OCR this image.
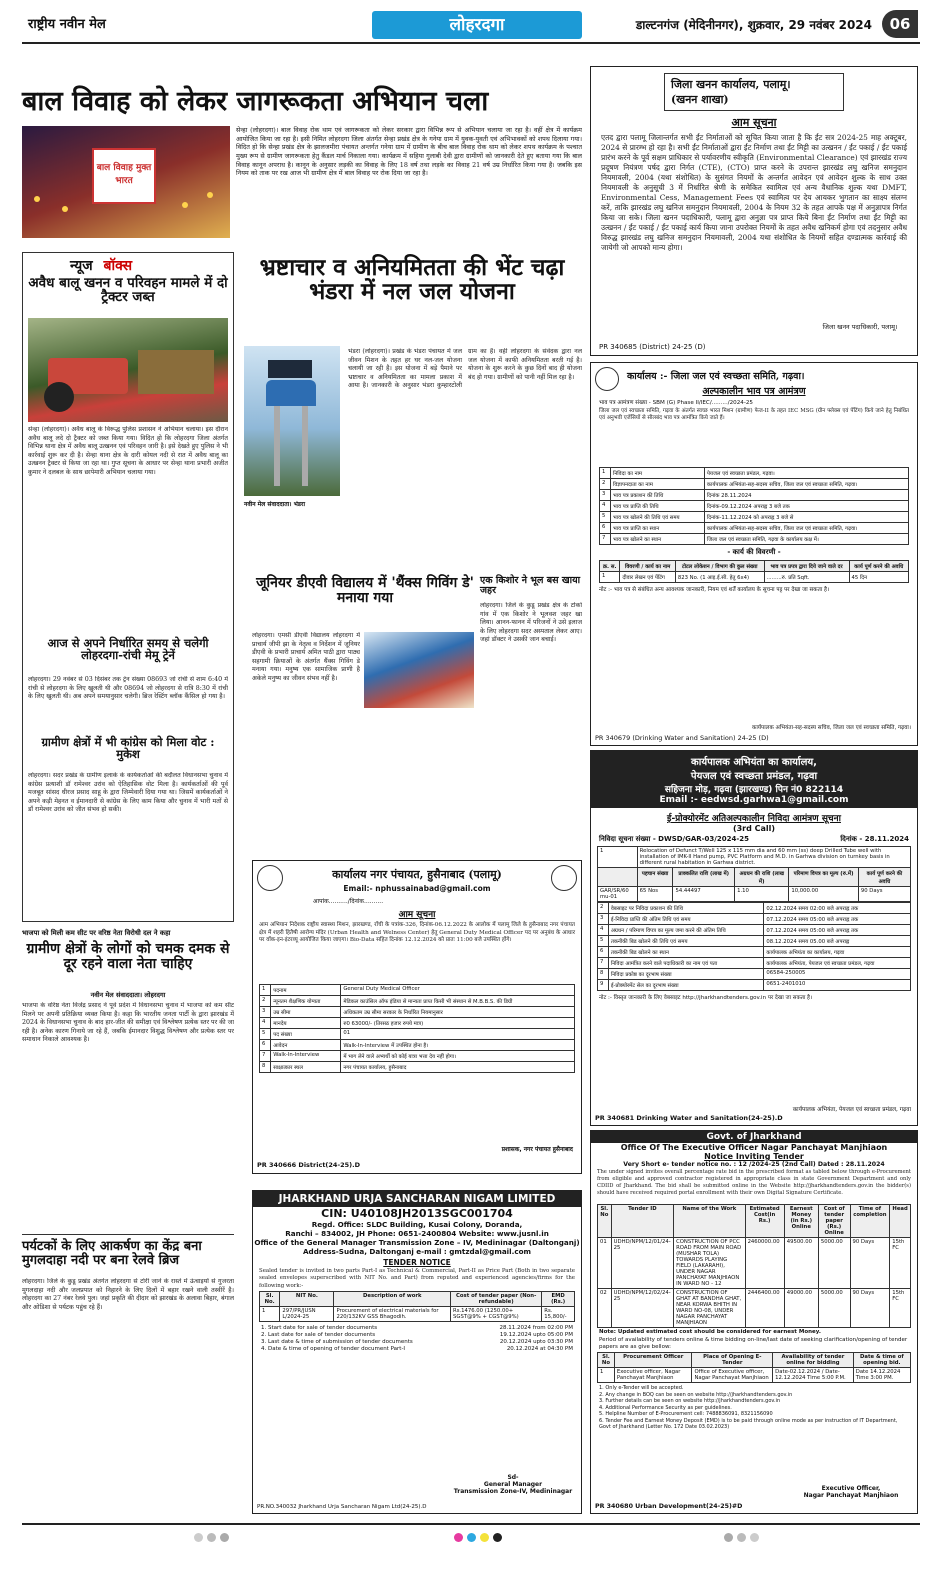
राष्ट्रीय नवीन मेल	लोहरदगा	डाल्टनगंज (मेदिनीनगर), शुक्रवार, 29 नवंबर 2024	06
बाल विवाह को लेकर जागरूकता अभियान चला
बाल विवाह मुक्त भारत
सेन्हा (लोहरदगा)। बाल विवाह रोक थाम एवं जागरूकता को लेकर सरकार द्वारा विभिन्न रूप से अभियान चलाया जा रहा है। वहीं क्षेत्र में कार्यक्रम आयोजित किया जा रहा है। इसी निमित लोहरदगा जिला अंतर्गत सेन्हा प्रखंड क्षेत्र के गनेया ग्राम में युवक-युवती एवं अभिभावकों को शपथ दिलाया गया। विदित हो कि सेन्हा प्रखंड क्षेत्र के झालजमीरा पंचायत अन्तर्गत गनेया ग्राम में ग्रामीण के बीच बाल विवाह रोक थाम को लेकर शपथ कार्यक्रम के पश्चात मुख्य रूप से ग्रामीण जागरूकता हेतु कैंडल मार्च निकाला गया। कार्यक्रम में सहिया गुलाबी देवी द्वारा ग्रामीणों को जानकारी देते हुए बताया गया कि बाल विवाह कानून अपराध है। कानून के अनुसार लड़की का विवाह के लिए 18 वर्ष तथा लड़के का विवाह 21 वर्ष उम्र निर्धारित किया गया है। जबकि इस नियम को ताक पर रख आज भी ग्रामीण क्षेत्र में बाल विवाह पर रोक दिया जा रहा है।
न्यूज बॉक्स
अवैध बालू खनन व परिवहन मामले में दो ट्रैक्टर जब्त
सेन्हा (लोहरदगा)। अवैध बालू के विरूद्ध पुलिस प्रशासन ने अभियान चलाया। इस दौरान अवैध बालू लदे दो ट्रैक्टर को जब्त किया गया। विदित हो कि लोहरदगा जिला अंतर्गत विभिन्न थाना क्षेत्र में अवैध बालू उत्खनन एवं परिवहन जारी है। इसे देखते हुए पुलिस ने भी कार्रवाई शुरू कर दी है। सेन्हा थाना क्षेत्र के दारी कोयल नदी से रात में अवैध बालू का उत्खनन ट्रैक्टर से किया जा रहा था। गुप्त सूचना के आधार पर सेन्हा थाना प्रभारी अजीत कुमार ने दलबल के साथ छापेमारी अभियान चलाया गया।
आज से अपने निर्धारित समय से चलेगी लोहरदगा-रांची मेमू ट्रेनें
लोहरदगा। 29 नवंबर से 03 दिसंबर तक ट्रेन संख्या 08693 जो रांची से शाम 6:40 में रांची से लोहरदगा के लिए खुलती थी और 08694 जो लोहरदगा से रात्रि 8:30 में रांची के लिए खुलती थी। अब अपने समयानुसार चलेगी। ब्रिज रेस्टिंग ब्लॉक कैंसिल हो गया है।
ग्रामीण क्षेत्रों में भी कांग्रेस को मिला वोट : मुकेश
लोहरदगा। सदर प्रखंड के ग्रामीण इलाके के कार्यकर्ताओं की बदौलत विधानसभा चुनाव में कांग्रेस प्रत्याशी डॉ रामेश्वर उरांव को ऐतिहासिक वोट मिला है। कार्यकर्ताओं की पूर्व मजबूत सांसद धीरज प्रसाद साहू के द्वारा जिम्मेवारी दिया गया था। जिसमें कार्यकर्ताओं ने अपने कड़ी मेहनत व ईमानदारी से कांग्रेस के लिए काम किया और चुनाव में भारी मतों से डॉ रामेश्वर उरांव को जीत संभव हो सकी।
भाजपा को मिली कम सीट पर वरिष्ठ नेता विरोधी दल ने कहा
ग्रामीण क्षेत्रों के लोगों को चमक दमक से दूर रहने वाला नेता चाहिए
नवीन मेल संवाददाता। लोहरदगा
भाजपा के वरिष्ठ नेता विजेंद्र प्रसाद ने पूर्व प्रदेश में विधानसभा चुनाव में भाजपा को कम सीट मिलने पर अपनी प्रतिक्रिया व्यक्त किया है। कहा कि भारतीय जनता पार्टी के द्वारा झारखंड में 2024 के विधानसभा चुनाव के बाद हार-जीत की समीक्षा एवं विश्लेषण प्रत्येक स्तर पर की जा रही है। अनेक कारण गिनाये जा रहे हैं, जबकि ईमानदार विशुद्ध विश्लेषण और प्रत्येक स्तर पर समाधान निकाले आवश्यक है।
पर्यटकों के लिए आकर्षण का केंद्र बना मुगलदाहा नदी पर बना रेलवे ब्रिज
लोहरदगा। जिले के कुडू प्रखंड अंतर्गत लोहरदगा से टोरी जाने के रास्ते में ऊंचाइयों से गुजरता मुगलदाहा नदी और जलप्रपात को निहारने के लिए दिलों में बहार रखने वाली तस्वीरें है। लोहरदगा का 27 नंबर रेलवे पुल। जहां प्रकृति की दीदार को झारखंड के अलावा बिहार, बंगाल और ओडिशा से पर्यटक पहुंच रहे हैं।
भ्रष्टाचार व अनियमितता की भेंट चढ़ा भंडरा में नल जल योजना
नवीन मेल संवाददाता। भंडरा
भंडरा (लोहरदगा)। प्रखंड के भंडरा पंचायत में जल जीवन मिशन के तहत हर घर नल-जल योजना चलायी जा रही है। इस योजना में बड़े पैमाने पर भ्रष्टाचार व अनियमितता का मामला प्रकाश में आया है। जानकारी के अनुसार भंडरा कुम्हारटोली ग्राम का है। वहीं लोहरदगा के संवेदक द्वारा नल जल योजना में काफी अनियमितता बरती गई है। योजना के शुरू करने के कुछ दिनों बाद ही योजना बंद हो गया। ग्रामीणों को पानी नहीं मिल रहा है।
जूनियर डीएवी विद्यालय में 'थैंक्स गिविंग डे' मनाया गया
लोहरदगा। एमसी डीएवी विद्यालय लोहरदगा में प्राचार्य जीपी झा के नेतृत्व व निर्देशन में जूनियर डीएवी के प्रभारी प्राचार्य अमित पाठी द्वारा पाठ्य सहगामी क्रियाओं के अंतर्गत थैंक्स गिविंग डे मनाया गया। मनुष्य एक सामाजिक प्राणी है अकेले मनुष्य का जीवन संभव नहीं है।
एक किशोर ने भूल बस खाया जहर
लोहरदगा। जिले के कुडू प्रखंड क्षेत्र के टोको गांव में एक किशोर ने भूलवश जहर खा लिया। आनन-फानन में परिजनों ने उसे इलाज के लिए लोहरदगा सदर अस्पताल लेकर आए। जहां डॉक्टर ने उसकी जान बचाई।
कार्यालय नगर पंचायत, हुसैनाबाद (पलामू)
Email:- nphussainabad@gmail.com
आपांक........../दिनांक..........
आम सूचना
आम अभियान निदेशक राष्ट्रीय स्वास्थ्य मिशन, झारखण्ड, राँची के पत्रांक-326, दिनांक-06.12.2022 के आलोक में पलामू जिले के हुसैनाबाद नगर पंचायत क्षेत्र में शहरी हितैषी आरोग्य मंदिर (Urban Health and Welness Center) हेतु General Duty Medical Officer पद पर अनुबंध के आधार पर वॉक-इन-इंटरव्यू आयोजित किया जाएगा। Bio-Data सहित दिनांक 12.12.2024 को प्रातः 11:00 बजे उपस्थित होंगे।
1	पदनाम	General Duty Medical Officer
2	न्यूनतम शैक्षणिक योग्यता	मेडिकल काउंसिल ऑफ इंडिया से मान्यता प्राप्त किसी भी संस्थान से M.B.B.S. की डिग्री
3	उम्र सीमा	अधिकतम उम्र सीमा सरकार के निर्धारित नियमानुसार
4	मानदेय	रु0 63000/- (तिरसठ हजार रुपये मात्र)
5	पद संख्या	01
6	आवेदन	Walk-In-Interview में उपस्थित होना है।
7	Walk-In-Interview	में भाग लेने वाले अभ्यर्थी को कोई यात्रा भत्ता देय नहीं होगा।
8	साक्षात्कार स्थल	नगर पंचायत कार्यालय, हुसैनाबाद
प्रशासक, नगर पंचायत हुसैनाबाद
PR 340666 District(24-25).D
JHARKHAND URJA SANCHARAN NIGAM LIMITED
CIN: U40108JH2013SGC001704
Regd. Office: SLDC Building, Kusai Colony, Doranda,
Ranchi – 834002, JH Phone: 0651-2400804 Website: www.jusnl.in
Office of the General Manager Transmission Zone – IV, Medininagar (Daltonganj)
Address-Sudna, Daltonganj e-mail : gmtzdal@gmail.com
TENDER NOTICE
Sealed tender is invited in two parts Part-I as Technical & Commercial, Part-II as Price Part (Both in two separate sealed envelopes superscribed with NIT No. and Part) from reputed and experienced agencies/firms for the following work:-
Sl. No.	NIT No.	Description of work	Cost of tender paper (Non-refundable)	EMD (Rs.)
1	297/PR/JUSN L/2024-25	Procurement of electrical materials for 220/132KV GSS Bhagodih.	Rs.1476.00 (1250.00+ SGST@9% + CGST@9%)	Rs. 15,800/-
1. Start date for sale of tender documents	28.11.2024 from 02:00 PM
2. Last date for sale of tender documents	19.12.2024 upto 05:00 PM
3. Last date & time of submission of tender documents	20.12.2024 upto 03:30 PM
4. Date & time of opening of tender document Part-I	20.12.2024 at 04:30 PM
Sd-
General Manager
Transmission Zone-IV, Medininagar
PR.NO.340032 Jharkhand Urja Sancharan Nigam Ltd(24-25).D
जिला खनन कार्यालय, पलामू।
(खनन शाखा)
आम सूचना
एतद द्वारा पलामू जिलान्तर्गत सभी ईंट निर्माताओं को सूचित किया जाता है कि ईंट सत्र 2024-25 माह अक्टूबर, 2024 से प्रारम्भ हो रहा है। सभी ईंट निर्माताओं द्वारा ईंट निर्माण तथा ईंट मिट्टी का उत्खनन / ईंट पकाई / ईंट पकाई प्रारंभ करने के पूर्व सक्षम प्राधिकार से पर्यावरणीय स्वीकृति (Environmental Clearance) एवं झारखंड राज्य प्रदूषण नियंत्रण पर्षद द्वारा निर्गत (CTE), (CTO) प्राप्त करने के उपरान्त झारखंड लघु खनिज समनुदान नियमावली, 2004 (यथा संशोधित) के सुसंगत नियमों के अन्तर्गत आवेदन एवं आवेदन शुल्क के साथ उक्त नियमावली के अनुसूची 3 में निर्धारित श्रेणी के समेकित स्वामित्व एवं अन्य वैधानिक शुल्क यथा DMFT, Environmental Cess, Management Fees एवं स्वामित्व पर देय आयकर भुगतान का साक्ष्य संलग्न करें, ताकि झारखंड लघु खनिज समनुदान नियमावली, 2004 के नियम 32 के तहत आपके पक्ष में अनुज्ञापत्र निर्गत किया जा सके। जिला खनन पदाधिकारी, पलामू द्वारा अनुज्ञा पत्र प्राप्त किये बिना ईंट निर्माण तथा ईंट मिट्टी का उत्खनन / ईंट पकाई / ईंट पकाई कार्य किया जाना उपरोक्त नियमों के तहत अवैध खनिकर्म होगा एवं तदनुसार अवैध विरुद्ध झारखंड लघु खनिज समनुदान नियमावली, 2004 यथा संशोधित के नियमों सहित दण्डात्मक कार्रवाई की जायेगी जो आपको मान्य होगा।
जिला खनन पदाधिकारी, पलामू।
PR 340685 (District) 24-25 (D)
कार्यालय :- जिला जल एवं स्वच्छता समिति, गढ़वा।
अल्पकालीन भाव पत्र आमंत्रण
भाव पत्र आमंत्रण संख्या - SBM (G) Phase II/IEC/........./2024-25
जिला जल एवं स्वच्छता समिति, गढ़वा के अंतर्गत स्वच्छ भारत मिशन (ग्रामीण) फेज-II के तहत IEC MSG (ग्रीन फ्लेक्स एवं पेंटिंग) किये जाने हेतु निबंधित एवं अनुभवी एजेंसियों से सीलबंद भाव पत्र आमंत्रित किये जाते हैं।
1	निविदा का नाम	पेयजल एवं स्वच्छता प्रमंडल, गढ़वा।
2	विज्ञापनदाता का नाम	कार्यपालक अभियंता-सह-सदस्य सचिव, जिला जल एवं स्वच्छता समिति, गढ़वा।
3	भाव पत्र प्रकाशन की तिथि	दिनांक 28.11.2024
4	भाव पत्र प्राप्ति की तिथि	दिनांक-09.12.2024 अपराह्न 3 बजे तक
5	भाव पत्र खोलने की तिथि एवं समय	दिनांक-11.12.2024 को अपराह्न 3 बजे से
6	भाव पत्र प्राप्ति का स्थान	कार्यपालक अभियंता-सह-सदस्य सचिव, जिला जल एवं स्वच्छता समिति, गढ़वा।
7	भाव पत्र खोलने का स्थान	जिला जल एवं स्वच्छता समिति, गढ़वा के कार्यालय कक्ष में।
- कार्य की विवरणी -
क्र. स.	विवरणी / कार्य का नाम	टोटल लोकेशन / विभाग की कुल संख्या	भाव पत्र प्रपत्र द्वारा दिये जाने वाले दर	कार्य पूर्ण करने की अवधि
1	दीवार लेखन एवं पेंटिंग	823 No. (1 आइ.ई.सी. हेतु 6x4)	.........रु. प्रति Sqft.	45 दिन
नोट :- भाव पत्र से संबंधित अन्य आवश्यक जानकारी, नियम एवं शर्तें कार्यालय के सूचना पट्ट पर देखा जा सकता है।
कार्यपालक अभियंता-सह-सदस्य सचिव, जिला जल एवं स्वच्छता समिति, गढ़वा।
PR 340679 (Drinking Water and Sanitation) 24-25 (D)
कार्यपालक अभियंता का कार्यालय,
पेयजल एवं स्वच्छता प्रमंडल, गढ़वा
सहिजना मोड़, गढ़वा (झारखण्ड) पिन नं0 822114
Email :- eedwsd.garhwa1@gmail.com
ई-प्रोक्योरमेंट अतिअल्पकालीन निविदा आमंत्रण सूचना
(3rd Call)
निविदा सूचना संख्या - DWSD/GAR-03/2024-25	दिनांक - 28.11.2024
1	Relocation of Defunct T/Well 125 x 115 mm dia and 60 mm (ss) deep Drilled Tube well with installation of IMK-II Hand pump, PVC Platform and M.D. in Garhwa division on turnkey basis in different rural habitation in Garhwa district.				
	पहचान संख्या	प्राक्कलित राशि (लाख में)	अग्रधन की राशि (लाख में)	परिमाण विपत्र का मूल्य (रु.में)	कार्य पूर्ण करने की अवधि
GAR/SR/60 mu-01	65 Nos	54.44497	1.10	10,000.00	90 Days
2	वेबसाइट पर निविदा प्रकाशन की तिथि	02.12.2024 समय 02:00 बजे अपराह्न तक
3	ई-निविदा प्राप्ति की अंतिम तिथि एवं समय	07.12.2024 समय 05:00 बजे अपराह्न तक
4	अग्रधन / परिमाण विपत्र का मूल्य जमा करने की अंतिम तिथि	07.12.2024 समय 05:00 बजे अपराह्न तक
5	तकनीकी बिड खोलने की तिथि एवं समय	08.12.2024 समय 05.00 बजे अपराह्न
6	तकनीकी बिड खोलने का स्थान	कार्यपालक अभियंता का कार्यालय, गढ़वा
7	निविदा आमंत्रित करने वाले पदाधिकारी का नाम एवं पता	कार्यपालक अभियंता, पेयजल एवं स्वच्छता प्रमंडल, गढ़वा
8	निविदा प्रकोष्ठ का दूरभाष संख्या	06584-250005
9	ई-प्रोक्योरमेंट सेल का दूरभाष संख्या	0651-2401010
नोट :- विस्तृत जानकारी के लिए वेबसाइट http://jharkhandtenders.gov.in पर देखा जा सकता है।
कार्यपालक अभियंता, पेयजल एवं स्वच्छता प्रमंडल, गढ़वा
PR 340681 Drinking Water and Sanitation(24-25).D
Govt. of Jharkhand
Office Of The Executive Officer Nagar Panchayat Manjhiaon
Notice Inviting Tender
Very Short e- tender notice no. : 12 /2024-25 (2nd Call) Dated : 28.11.2024
The under signed invites overall percentage rate bid in the prescribed format as tabled below through e-Procurement from eligible and approved contractor registered in appropriate class in state Government Department and only CDIID of Jharkhand. The bid shall be submitted online in the Website http://jharkhandtenders.gov.in the bidder(s) should have received required portal enrollment with their own Digital Signature Certificate.
Sl. No	Tender ID	Name of the Work	Estimated Cost(in Rs.)	Earnest Money (in Rs.) Online	Cost of tender paper (Rs.) Online	Time of completion	Head
01	UDHD/NPM/12/01/24-25	CONSTRUCTION OF PCC ROAD FROM MAIN ROAD (MUSHAR TOLA) TOWARDS PLAYING FIELD (LAKARAHI), UNDER NAGAR PANCHAYAT MANJHIAON IN WARD NO - 12	2460000.00	49500.00	5000.00	90 Days	15th FC
02	UDHD/NPM/12/02/24-25	CONSTRUCTION OF GHAT AT BANDHA GHAT, NEAR KORWA BHITH IN WARD NO-08, UNDER NAGAR PANCHAYAT MANJHIAON	2446400.00	49000.00	5000.00	90 Days	15th FC
Note: Updated estimated cost should be considered for earnest Money.
Period of availability of tenders online & time bidding on-line/last date of seeking clarification/opening of tender papers are as give bellow:
Sl. No	Procurement Officer	Place of Opening E-Tender	Availability of tender online for bidding	Date & time of opening bid.
1	Executive officer, Nagar Panchayat Manjhiaon	Office of Executive officer, Nagar Panchayat Manjhiaon	Date-02.12.2024 / Date- 12.12.2024 Time 5:00 P.M.	Date 14.12.2024 Time 3:00 PM.
1. Only e-Tender will be accepted.
2. Any change in BOQ can be seen on website http://jharkhandtenders.gov.in
3. Further details can be seen on website http://jharkhandtenders.gov.in
4. Additional Performance Security as per guidelines.
5. Helpline Number of E-Procurement cell: 7488836091, 8321156090
6. Tender Fee and Earnest Money Deposit (EMD) is to be paid through online mode as per instruction of IT Department, Govt of Jharkhand (Letter No. 172 Date 03.02.2023)
Executive Officer,
Nagar Panchayat Manjhiaon
PR 340680 Urban Development(24-25)#D
